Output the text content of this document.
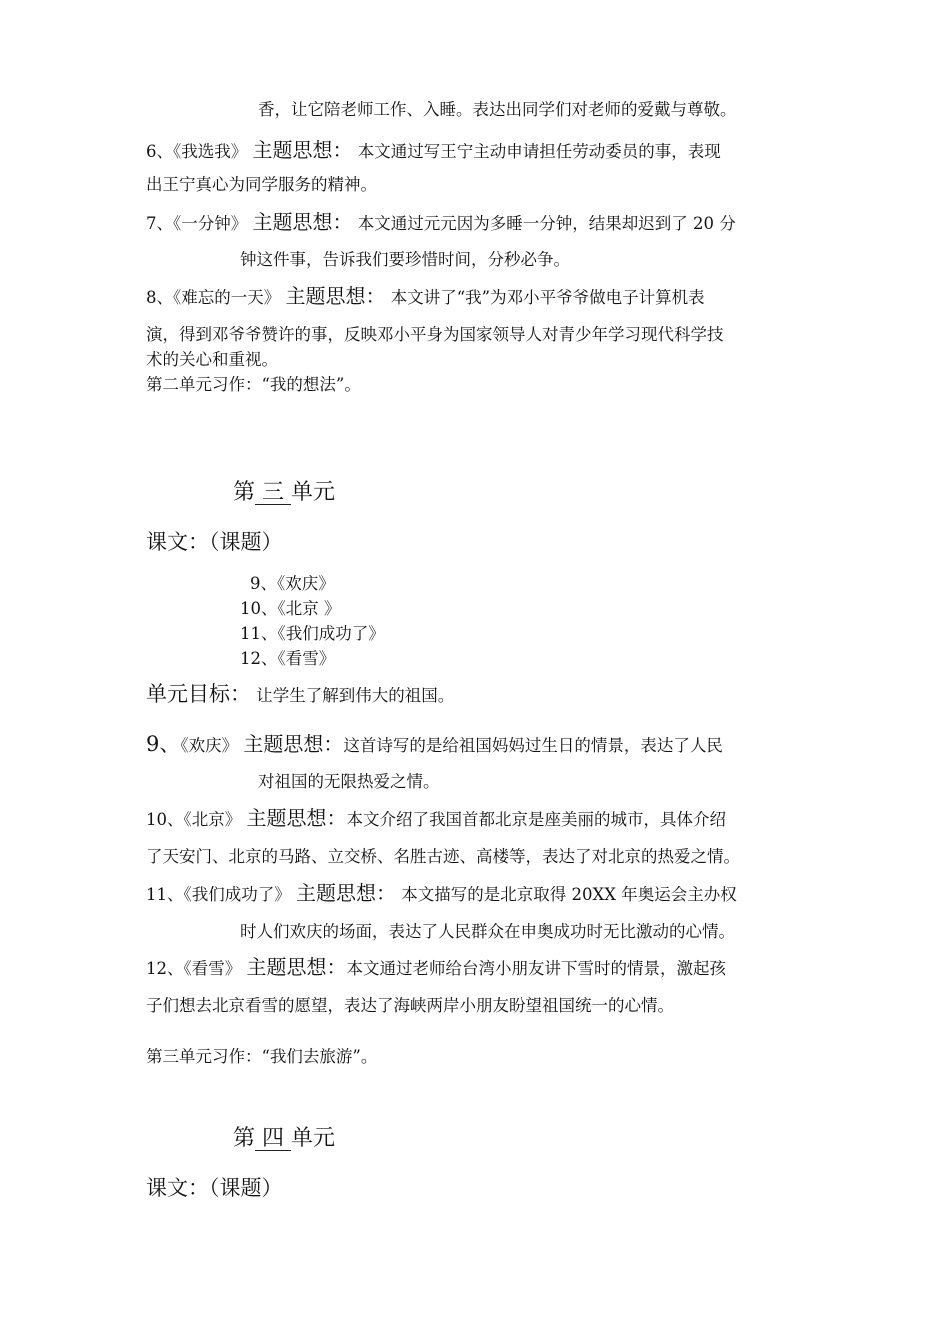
香，让它陪老师工作、入睡。表达出同学们对老师的爱戴与尊敬。
6、《我选我》 主题思想： 本文通过写王宁主动申请担任劳动委员的事，表现
出王宁真心为同学服务的精神。
7、《一分钟》 主题思想： 本文通过元元因为多睡一分钟，结果却迟到了 20 分
钟这件事，告诉我们要珍惜时间，分秒必争。
8、《难忘的一天》 主题思想： 本文讲了“我”为邓小平爷爷做电子计算机表
演，得到邓爷爷赞许的事，反映邓小平身为国家领导人对青少年学习现代科学技
术的关心和重视。
第二单元习作：“我的想法”。
第 三 单元
课文：（课题）
9、《欢庆》
10、《北京 》
11、《我们成功了》
12、《看雪》
单元目标： 让学生了解到伟大的祖国。
9、《欢庆》 主题思想：这首诗写的是给祖国妈妈过生日的情景，表达了人民
对祖国的无限热爱之情。
10、《北京》 主题思想：本文介绍了我国首都北京是座美丽的城市，具体介绍
了天安门、北京的马路、立交桥、名胜古迹、高楼等，表达了对北京的热爱之情。
11、《我们成功了》 主题思想： 本文描写的是北京取得 20XX 年奥运会主办权
时人们欢庆的场面，表达了人民群众在申奥成功时无比激动的心情。
12、《看雪》 主题思想：本文通过老师给台湾小朋友讲下雪时的情景，激起孩
子们想去北京看雪的愿望，表达了海峡两岸小朋友盼望祖国统一的心情。
第三单元习作：“我们去旅游”。
第 四 单元
课文：（课题）
